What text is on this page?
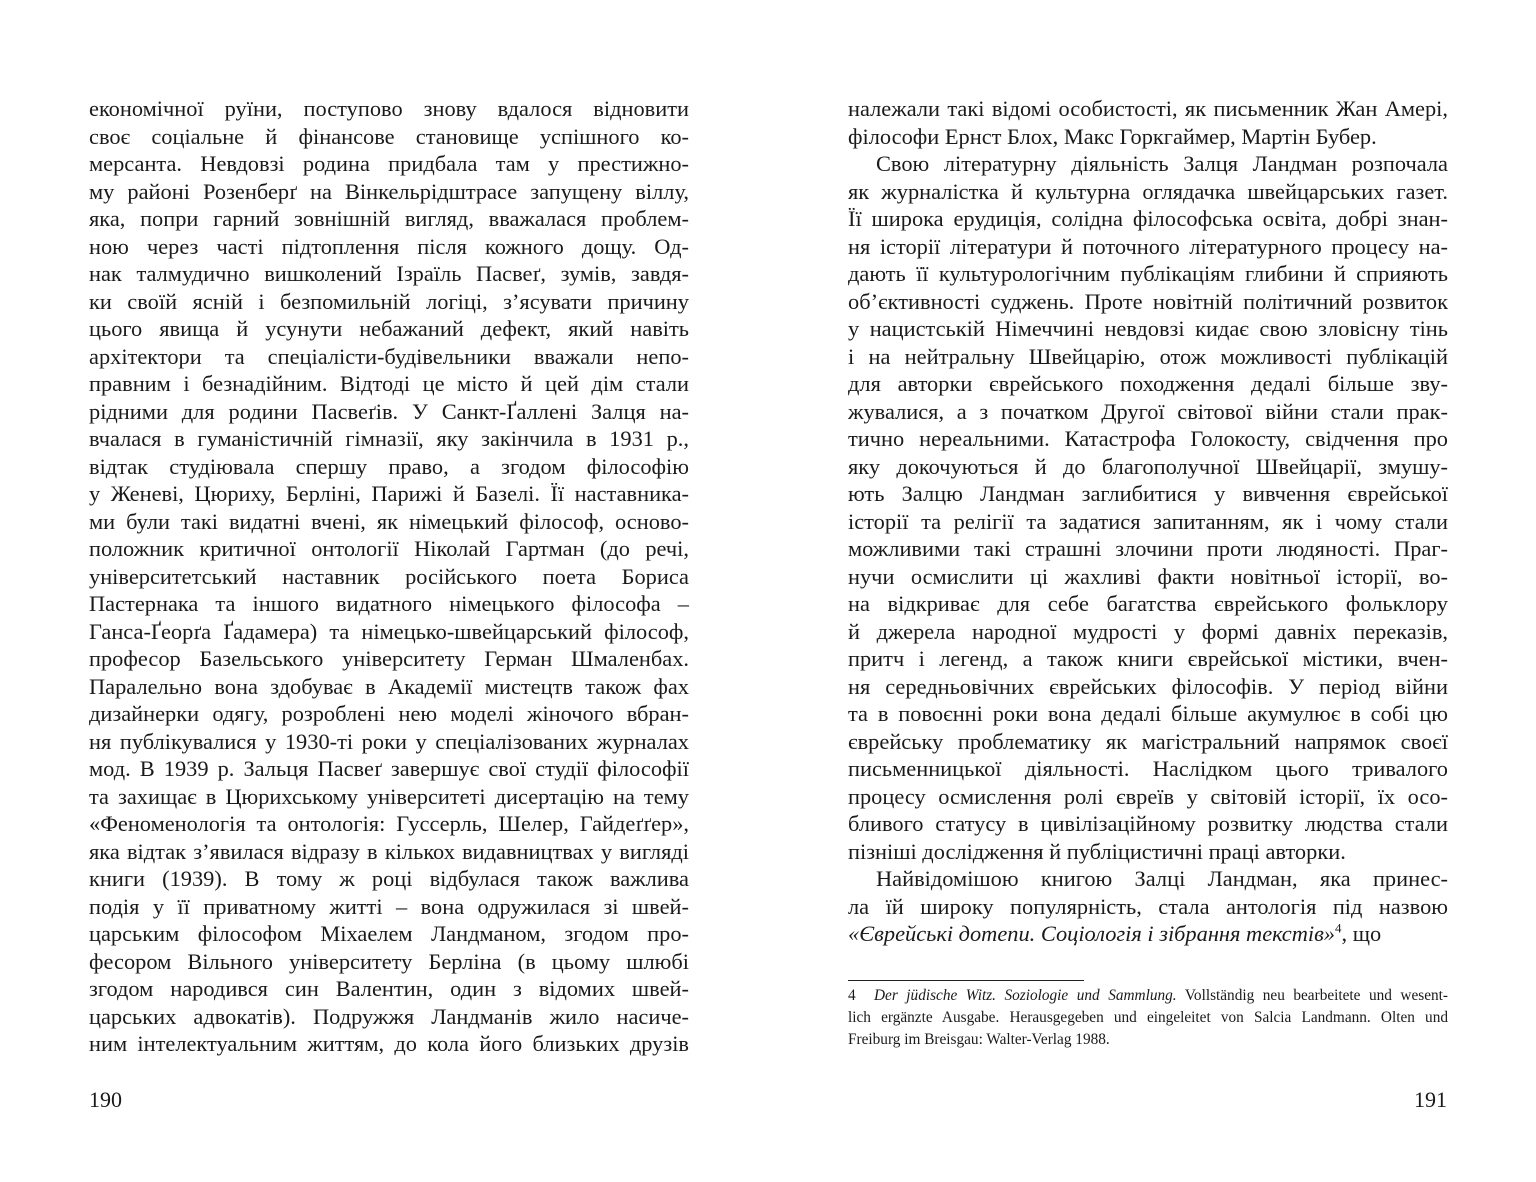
економічної руїни, поступово знову вдалося відновити
своє соціальне й фінансове становище успішного ко-
мерсанта. Невдовзі родина придбала там у престижно-
му районі Розенберґ на Вінкельрідштрасе запущену віллу,
яка, попри гарний зовнішній вигляд, вважалася проблем-
ною через часті підтоплення після кожного дощу. Од-
нак талмудично вишколений Ізраїль Пасвеґ, зумів, завдя-
ки своїй ясній і безпомильній логіці, з’ясувати причину
цього явища й усунути небажаний дефект, який навіть
архітектори та спеціалісти-будівельники вважали непо-
правним і безнадійним. Відтоді це місто й цей дім стали
рідними для родини Пасвеґів. У Санкт-Ґаллені Залця на-
вчалася в гуманістичній гімназії, яку закінчила в 1931 р.,
відтак студіювала спершу право, а згодом філософію
у Женеві, Цюриху, Берліні, Парижі й Базелі. Її наставника-
ми були такі видатні вчені, як німецький філософ, осново-
положник критичної онтології Ніколай Гартман (до речі,
університетський наставник російського поета Бориса
Пастернака та іншого видатного німецького філософа –
Ганса-Ґеорґа Ґадамера) та німецько-швейцарський філософ,
професор Базельського університету Герман Шмаленбах.
Паралельно вона здобуває в Академії мистецтв також фах
дизайнерки одягу, розроблені нею моделі жіночого вбран-
ня публікувалися у 1930-ті роки у спеціалізованих журналах
мод. В 1939 р. Зальця Пасвеґ завершує свої студії філософії
та захищає в Цюрихському університеті дисертацію на тему
«Феноменологія та онтологія: Гуссерль, Шелер, Гайдеґґер»,
яка відтак з’явилася відразу в кількох видавництвах у вигляді
книги (1939). В тому ж році відбулася також важлива
подія у її приватному житті – вона одружилася зі швей-
царським філософом Міхаелем Ландманом, згодом про-
фесором Вільного університету Берліна (в цьому шлюбі
згодом народився син Валентин, один з відомих швей-
царських адвокатів). Подружжя Ландманів жило насиче-
ним інтелектуальним життям, до кола його близьких друзів
190
належали такі відомі особистості, як письменник Жан Амері,
філософи Ернст Блох, Макс Горкгаймер, Мартін Бубер.
Свою літературну діяльність Залця Ландман розпочала
як журналістка й культурна оглядачка швейцарських газет.
Її широка ерудиція, солідна філософська освіта, добрі знан-
ня історії літератури й поточного літературного процесу на-
дають її культурологічним публікаціям глибини й сприяють
об’єктивності суджень. Проте новітній політичний розвиток
у нацистській Німеччині невдовзі кидає свою зловісну тінь
і на нейтральну Швейцарію, отож можливості публікацій
для авторки єврейського походження дедалі більше зву-
жувалися, а з початком Другої світової війни стали прак-
тично нереальними. Катастрофа Голокосту, свідчення про
яку докочуються й до благополучної Швейцарії, змушу-
ють Залцю Ландман заглибитися у вивчення єврейської
історії та релігії та задатися запитанням, як і чому стали
можливими такі страшні злочини проти людяності. Праг-
нучи осмислити ці жахливі факти новітньої історії, во-
на відкриває для себе багатства єврейського фольклору
й джерела народної мудрості у формі давніх переказів,
притч і легенд, а також книги єврейської містики, вчен-
ня середньовічних єврейських філософів. У період війни
та в повоєнні роки вона дедалі більше акумулює в собі цю
єврейську проблематику як магістральний напрямок своєї
письменницької діяльності. Наслідком цього тривалого
процесу осмислення ролі євреїв у світовій історії, їх осо-
бливого статусу в цивілізаційному розвитку людства стали
пізніші дослідження й публіцистичні праці авторки.
Найвідомішою книгою Залці Ландман, яка принес-
ла їй широку популярність, стала антологія під назвою
«Єврейські дотепи. Соціологія і зібрання текстів»$^4$, що
4 Der jüdische Witz. Soziologie und Sammlung. Vollständig neu bearbeitete und wesent-
lich ergänzte Ausgabe. Herausgegeben und eingeleitet von Salcia Landmann. Olten und
Freiburg im Breisgau: Walter-Verlag 1988.
191
